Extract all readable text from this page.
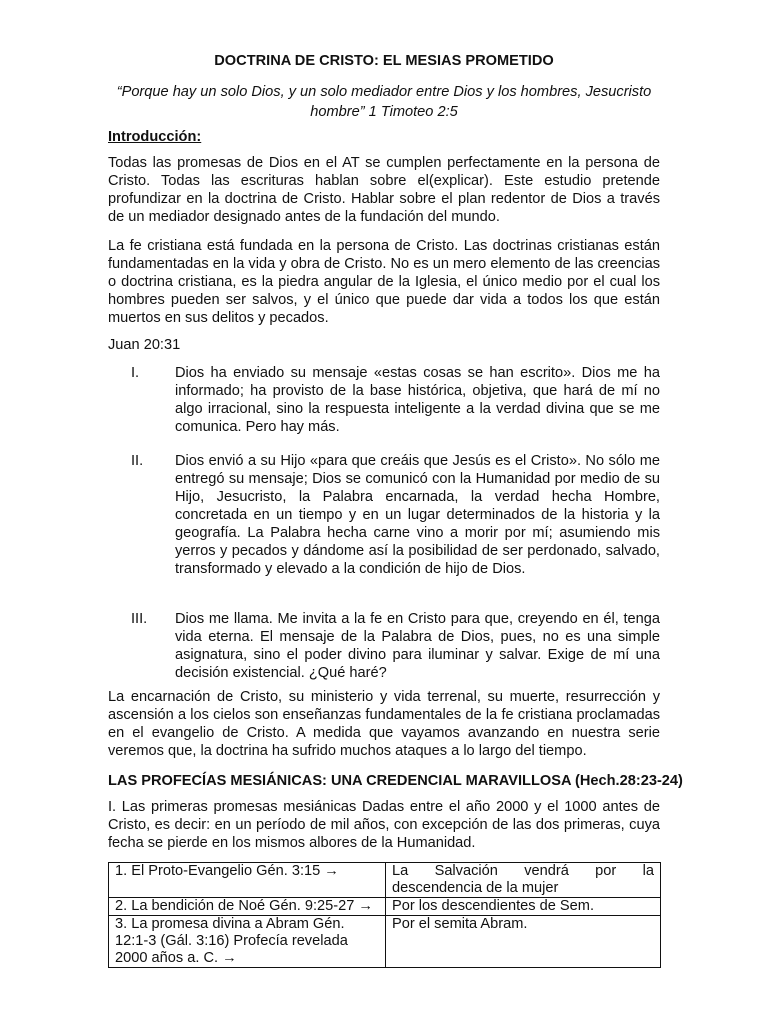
DOCTRINA DE CRISTO: EL MESIAS PROMETIDO
“Porque hay un solo Dios, y un solo mediador entre Dios y los hombres, Jesucristo hombre” 1 Timoteo 2:5
Introducción:
Todas las promesas de Dios en el AT se cumplen perfectamente en la persona de Cristo. Todas las escrituras hablan sobre el(explicar). Este estudio pretende profundizar en la doctrina de Cristo. Hablar sobre el plan redentor de Dios a través de un mediador designado antes de la fundación del mundo.
La fe cristiana está fundada en la persona de Cristo. Las doctrinas cristianas están fundamentadas en la vida y obra de Cristo. No es un mero elemento de las creencias o doctrina cristiana, es la piedra angular de la Iglesia, el único medio por el cual los hombres pueden ser salvos, y el único que puede dar vida a todos los que están muertos en sus delitos y pecados.
Juan 20:31
I. Dios ha enviado su mensaje «estas cosas se han escrito». Dios me ha informado; ha provisto de la base histórica, objetiva, que hará de mí no algo irracional, sino la respuesta inteligente a la verdad divina que se me comunica. Pero hay más.
II. Dios envió a su Hijo «para que creáis que Jesús es el Cristo». No sólo me entregó su mensaje; Dios se comunicó con la Humanidad por medio de su Hijo, Jesucristo, la Palabra encarnada, la verdad hecha Hombre, concretada en un tiempo y en un lugar determinados de la historia y la geografía. La Palabra hecha carne vino a morir por mí; asumiendo mis yerros y pecados y dándome así la posibilidad de ser perdonado, salvado, transformado y elevado a la condición de hijo de Dios.
III. Dios me llama. Me invita a la fe en Cristo para que, creyendo en él, tenga vida eterna. El mensaje de la Palabra de Dios, pues, no es una simple asignatura, sino el poder divino para iluminar y salvar. Exige de mí una decisión existencial. ¿Qué haré?
La encarnación de Cristo, su ministerio y vida terrenal, su muerte, resurrección y ascensión a los cielos son enseñanzas fundamentales de la fe cristiana proclamadas en el evangelio de Cristo. A medida que vayamos avanzando en nuestra serie veremos que, la doctrina ha sufrido muchos ataques a lo largo del tiempo.
LAS PROFECÍAS MESIÁNICAS: UNA CREDENCIAL MARAVILLOSA (Hech.28:23-24)
I. Las primeras promesas mesiánicas Dadas entre el año 2000 y el 1000 antes de Cristo, es decir: en un período de mil años, con excepción de las dos primeras, cuya fecha se pierde en los mismos albores de la Humanidad.
1. El Proto-Evangelio Gén. 3:15 →	La Salvación vendrá por la descendencia de la mujer
2. La bendición de Noé Gén. 9:25-27 →	Por los descendientes de Sem.
3. La promesa divina a Abram Gén. 12:1-3 (Gál. 3:16) Profecía revelada 2000 años a. C. →	Por el semita Abram.
